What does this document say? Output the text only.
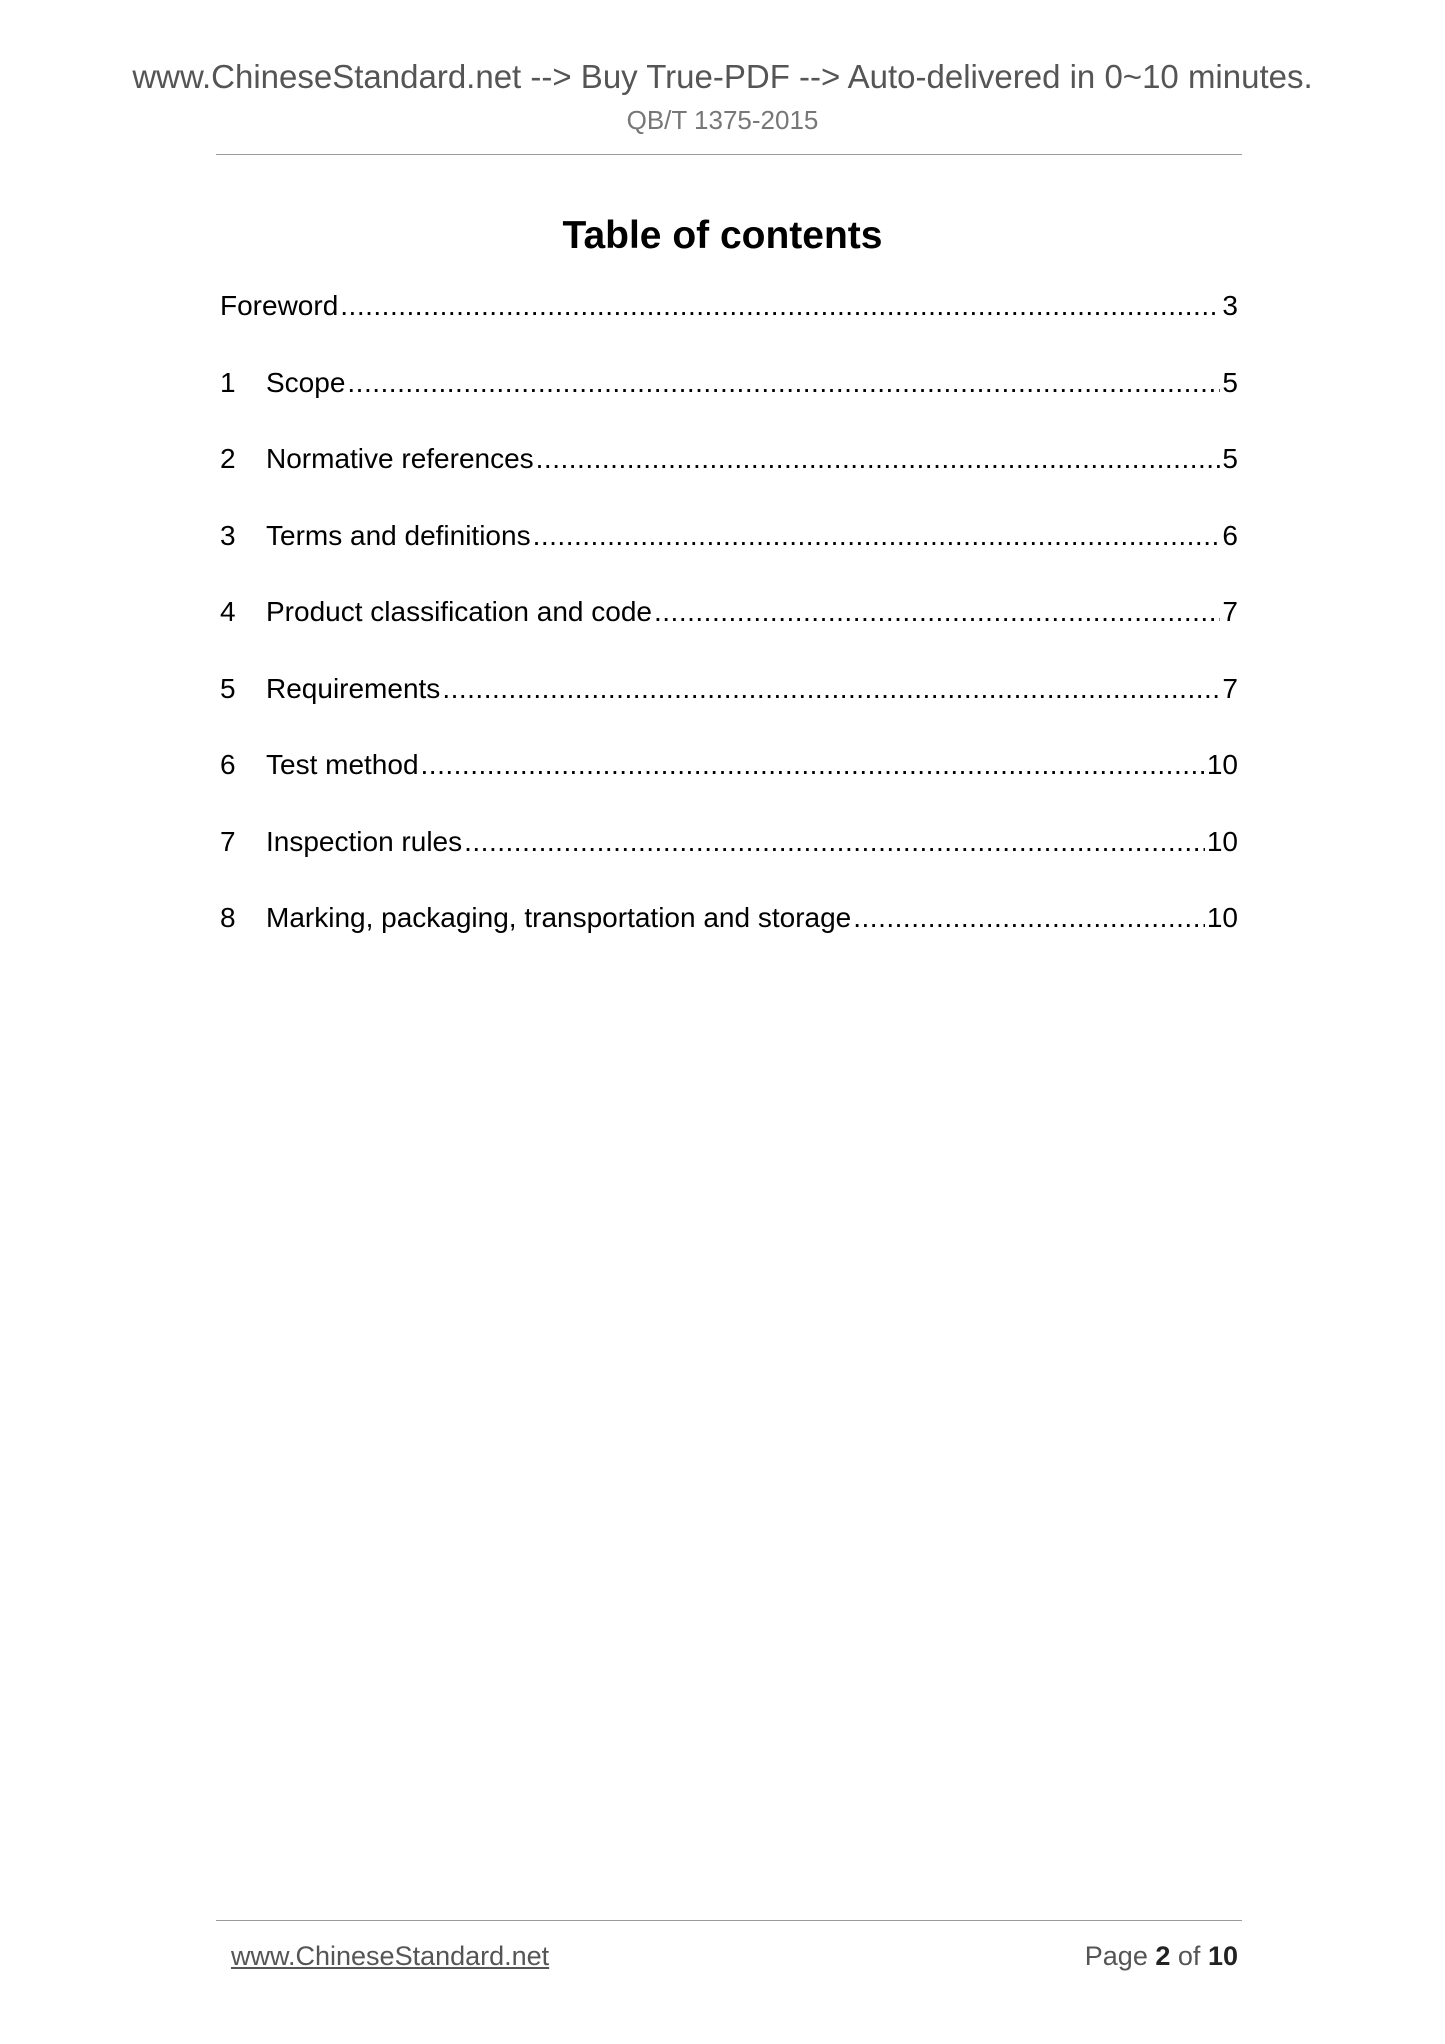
www.ChineseStandard.net --> Buy True-PDF --> Auto-delivered in 0~10 minutes.
QB/T 1375-2015
Table of contents
Foreword .....	3
1	Scope .....	5
2	Normative references .....	5
3	Terms and definitions .....	6
4	Product classification and code .....	7
5	Requirements .....	7
6	Test method .....	10
7	Inspection rules .....	10
8	Marking, packaging, transportation and storage .....	10
www.ChineseStandard.net	Page 2 of 10
